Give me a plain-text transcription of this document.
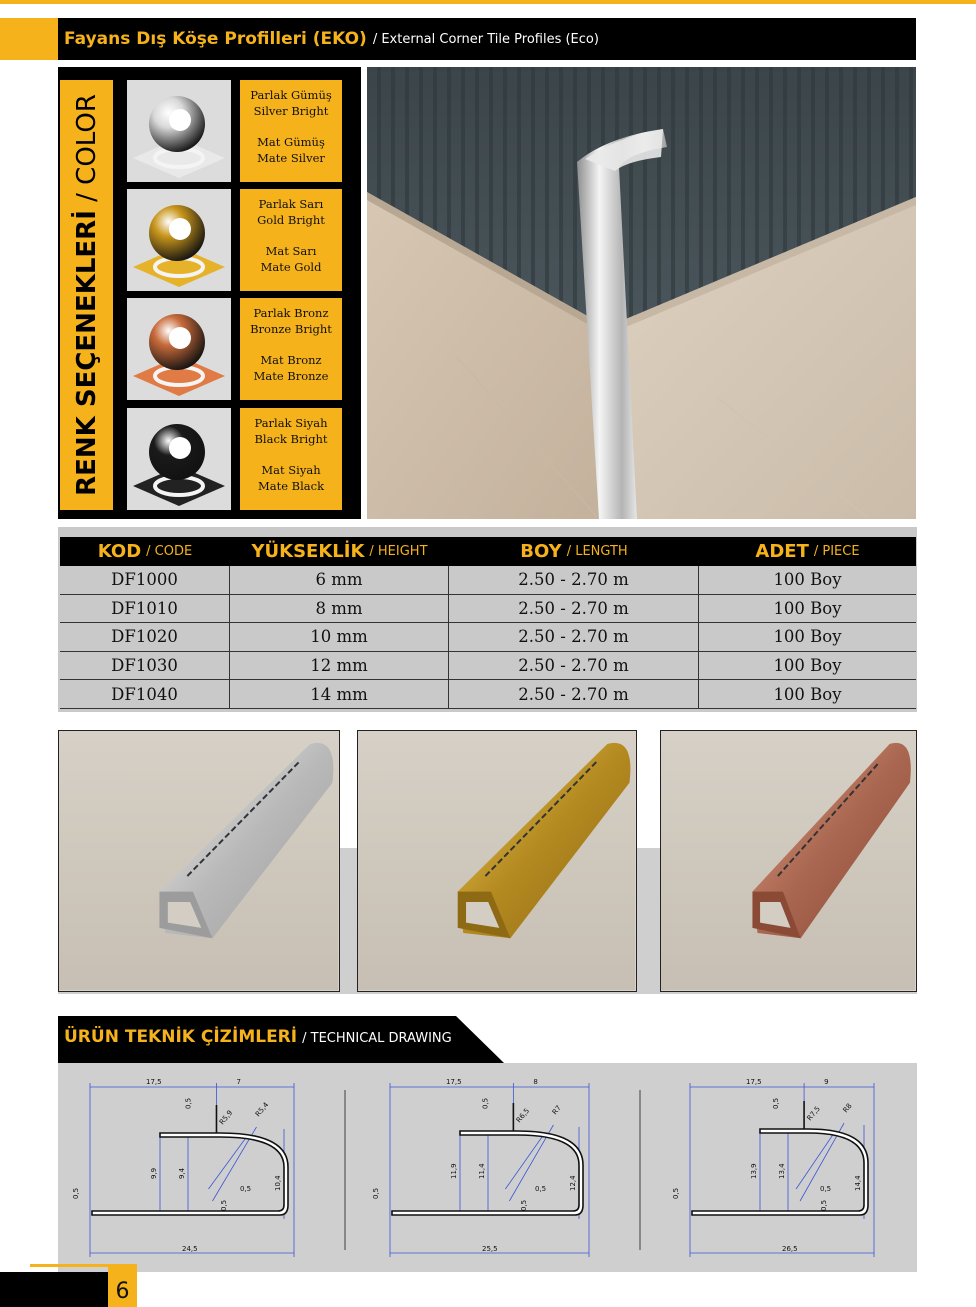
Fayans Dış Köşe Profilleri (EKO) / External Corner Tile Profiles (Eco)
RENK SEÇENEKLERİ / COLOR	Parlak Gümüş
Silver Bright
Mat Gümüş
Mate Silver
Parlak Sarı
Gold Bright
Mat Sarı
Mate Gold
Parlak Bronz
Bronze Bright
Mat Bronz
Mate Bronze
Parlak Siyah
Black Bright
Mat Siyah
Mate Black
KOD / CODE	YÜKSEKLİK / HEIGHT	BOY / LENGTH	ADET / PIECE
DF1000	6 mm	2.50 - 2.70 m	100 Boy
DF1010	8 mm	2.50 - 2.70 m	100 Boy
DF1020	10 mm	2.50 - 2.70 m	100 Boy
DF1030	12 mm	2.50 - 2.70 m	100 Boy
DF1040	14 mm	2.50 - 2.70 m	100 Boy
ÜRÜN TEKNİK ÇİZİMLERİ / TECHNICAL DRAWING
17,5	7
24,5
9,9	9,4
10,4
0,5
0,5
0,5
0,5
R5,9	R5,4
17,5	8
25,5
11,9	11,4
12,4
0,5
0,5
0,5
0,5
R6,5	R7
17,5	9
26,5
13,9	13,4
14,4
0,5
0,5
0,5
0,5
R7,5	R8
6
